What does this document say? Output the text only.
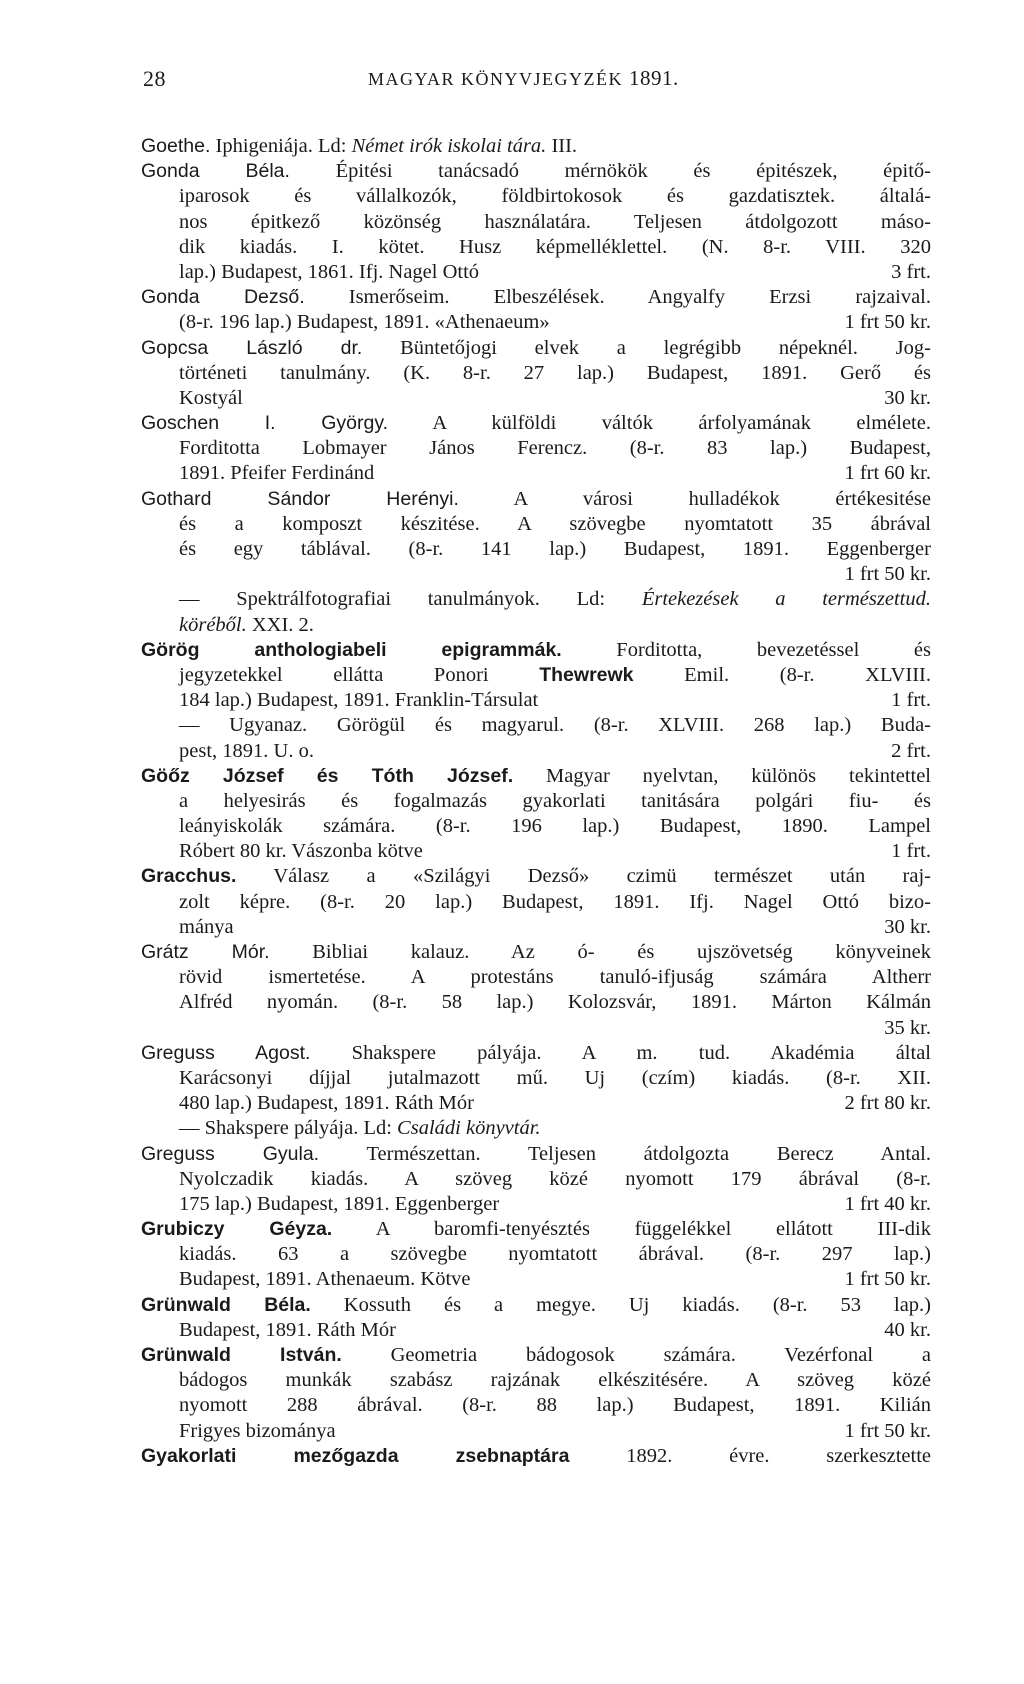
28	MAGYAR KÖNYVJEGYZÉK 1891.
Goethe. Iphigeniája. Ld: Német irók iskolai tára. III.
Gonda Béla. Épitési tanácsadó mérnökök és épitészek, épitő-
iparosok és vállalkozók, földbirtokosok és gazdatisztek. általá-
nos épitkező közönség használatára. Teljesen átdolgozott máso-
dik kiadás. I. kötet. Husz képmelléklettel. (N. 8-r. VIII. 320
lap.) Budapest, 1861. Ifj. Nagel Ottó	3 frt.
Gonda Dezső. Ismerőseim. Elbeszélések. Angyalfy Erzsi rajzaival.
(8-r. 196 lap.) Budapest, 1891. «Athenaeum»	1 frt 50 kr.
Gopcsa László dr. Büntetőjogi elvek a legrégibb népeknél. Jog-
történeti tanulmány. (K. 8-r. 27 lap.) Budapest, 1891. Gerő és
Kostyál	30 kr.
Goschen I. György. A külföldi váltók árfolyamának elmélete.
Forditotta Lobmayer János Ferencz. (8-r. 83 lap.) Budapest,
1891. Pfeifer Ferdinánd	1 frt 60 kr.
Gothard Sándor Herényi. A városi hulladékok értékesitése
és a komposzt készitése. A szövegbe nyomtatott 35 ábrával
és egy táblával. (8-r. 141 lap.) Budapest, 1891. Eggenberger
1 frt 50 kr.
— Spektrálfotografiai tanulmányok. Ld: Értekezések a természettud.
köréből. XXI. 2.
Görög anthologiabeli epigrammák. Forditotta, bevezetéssel és
jegyzetekkel ellátta Ponori Thewrewk Emil. (8-r. XLVIII.
184 lap.) Budapest, 1891. Franklin-Társulat	1 frt.
— Ugyanaz. Görögül és magyarul. (8-r. XLVIII. 268 lap.) Buda-
pest, 1891. U. o.	2 frt.
Göőz József és Tóth József. Magyar nyelvtan, különös tekintettel
a helyesirás és fogalmazás gyakorlati tanitására polgári fiu- és
leányiskolák számára. (8-r. 196 lap.) Budapest, 1890. Lampel
Róbert 80 kr. Vászonba kötve	1 frt.
Gracchus. Válasz a «Szilágyi Dezső» czimü természet után raj-
zolt képre. (8-r. 20 lap.) Budapest, 1891. Ifj. Nagel Ottó bizo-
mánya	30 kr.
Grátz Mór. Bibliai kalauz. Az ó- és ujszövetség könyveinek
rövid ismertetése. A protestáns tanuló-ifjuság számára Altherr
Alfréd nyomán. (8-r. 58 lap.) Kolozsvár, 1891. Márton Kálmán
35 kr.
Greguss Agost. Shakspere pályája. A m. tud. Akadémia által
Karácsonyi díjjal jutalmazott mű. Uj (czím) kiadás. (8-r. XII.
480 lap.) Budapest, 1891. Ráth Mór	2 frt 80 kr.
— Shakspere pályája. Ld: Családi könyvtár.
Greguss Gyula. Természettan. Teljesen átdolgozta Berecz Antal.
Nyolczadik kiadás. A szöveg közé nyomott 179 ábrával (8-r.
175 lap.) Budapest, 1891. Eggenberger	1 frt 40 kr.
Grubiczy Géyza. A baromfi-tenyésztés függelékkel ellátott III-dik
kiadás. 63 a szövegbe nyomtatott ábrával. (8-r. 297 lap.)
Budapest, 1891. Athenaeum. Kötve	1 frt 50 kr.
Grünwald Béla. Kossuth és a megye. Uj kiadás. (8-r. 53 lap.)
Budapest, 1891. Ráth Mór	40 kr.
Grünwald István. Geometria bádogosok számára. Vezérfonal a
bádogos munkák szabász rajzának elkészitésére. A szöveg közé
nyomott 288 ábrával. (8-r. 88 lap.) Budapest, 1891. Kilián
Frigyes bizománya	1 frt 50 kr.
Gyakorlati mezőgazda zsebnaptára 1892. évre. szerkesztette
